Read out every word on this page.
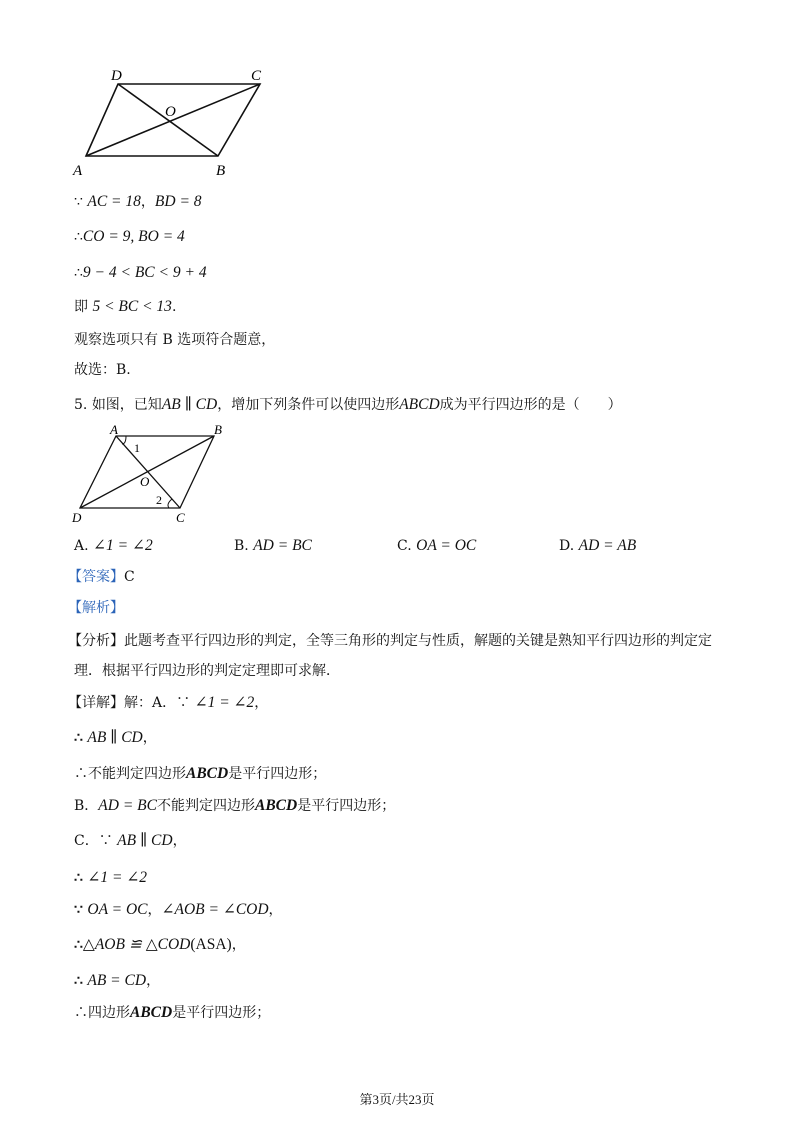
D	C
O
A	B
∵ AC = 18，BD = 8
∴CO = 9, BO = 4
∴9 − 4 < BC < 9 + 4
即 5 < BC < 13.
观察选项只有 B 选项符合题意，
故选：B.
5. 如图，已知AB ∥ CD，增加下列条件可以使四边形ABCD成为平行四边形的是（　　）
A	B
1
O
2
D	C
A. ∠1 = ∠2	B. AD = BC	C. OA = OC	D. AD = AB
【答案】C
【解析】
【分析】此题考查平行四边形的判定，全等三角形的判定与性质，解题的关键是熟知平行四边形的判定定
理．根据平行四边形的判定定理即可求解．
【详解】解：A．∵ ∠1 = ∠2，
∴ AB ∥ CD，
∴不能判定四边形ABCD是平行四边形；
B．AD = BC不能判定四边形ABCD是平行四边形；
C．∵ AB ∥ CD，
∴ ∠1 = ∠2
∵ OA = OC，∠AOB = ∠COD，
∴△AOB ≌ △COD(ASA)，
∴ AB = CD，
∴四边形ABCD是平行四边形；
第3页/共23页
